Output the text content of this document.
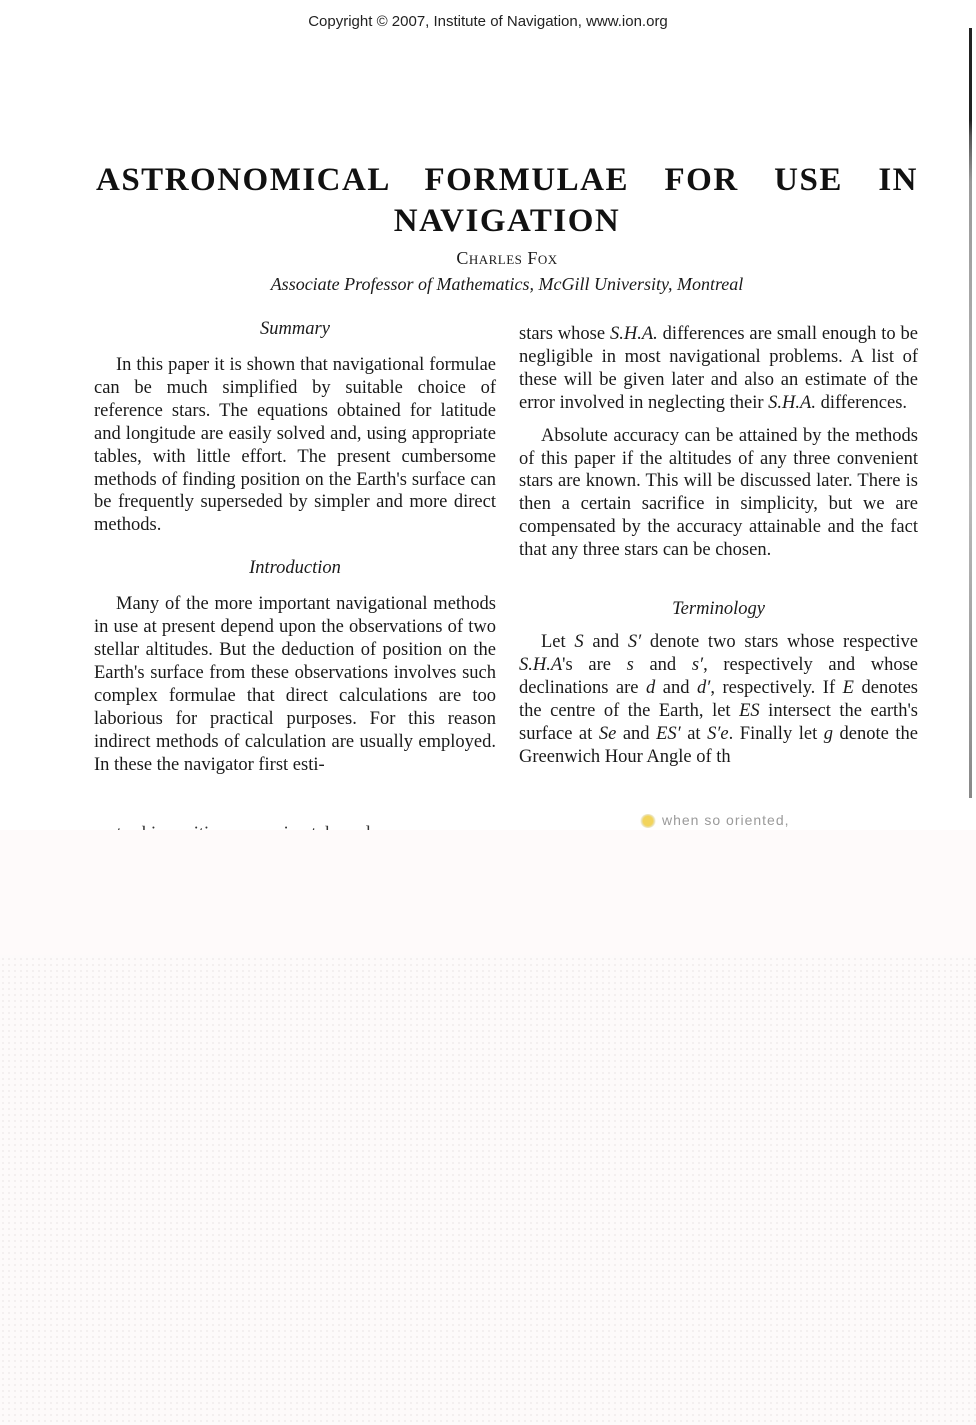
Copyright © 2007, Institute of Navigation, www.ion.org
ASTRONOMICAL FORMULAE FOR USE IN
NAVIGATION
Charles Fox
Associate Professor of Mathematics, McGill University, Montreal
Summary

In this paper it is shown that navigational formulae can be much simplified by suitable choice of reference stars. The equations obtained for latitude and longitude are easily solved and, using appropriate tables, with little effort. The present cumbersome methods of finding position on the Earth's surface can be frequently superseded by simpler and more direct methods.

Introduction

Many of the more important navigational methods in use at present depend upon the observations of two stellar altitudes. But the deduction of position on the Earth's surface from these observations involves such complex formulae that direct calculations are too laborious for practical purposes. For this reason indirect methods of calculation are usually employed. In these the navigator first esti-

stars whose S.H.A. differences are small enough to be negligible in most navigational problems. A list of these will be given later and also an estimate of the error involved in neglecting their S.H.A. differences.

Absolute accuracy can be attained by the methods of this paper if the altitudes of any three convenient stars are known. This will be discussed later. There is then a certain sacrifice in simplicity, but we are compensated by the accuracy attainable and the fact that any three stars can be chosen.

Terminology

Let S and S′ denote two stars whose respective S.H.A's are s and s′, respectively and whose declinations are d and d′, respectively. If E denotes the centre of the Earth, let ES intersect the earth's surface at Se and ES′ at S′e. Finally let g denote the Greenwich Hour Angle of th

when so oriented,
